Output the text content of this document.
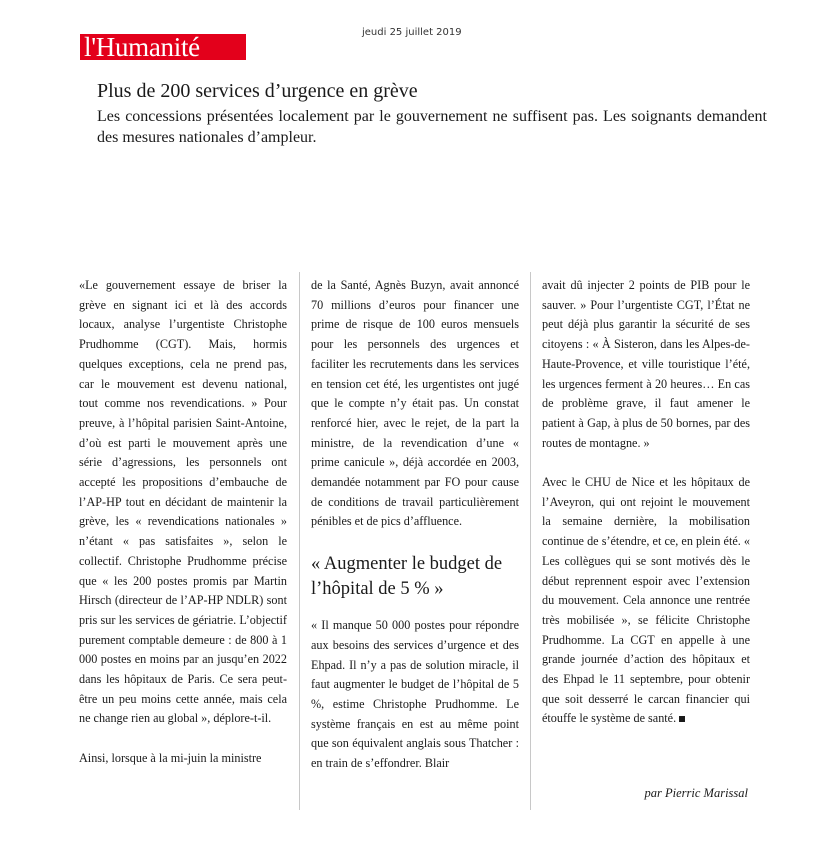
l'Humanité	jeudi 25 juillet 2019
Plus de 200 services d’urgence en grève

Les concessions présentées localement par le gouvernement ne suffisent pas. Les soignants demandent des mesures nationales d’ampleur.

«Le gouvernement essaye de briser la grève en signant ici et là des accords locaux, analyse l’urgentiste Christophe Prudhomme (CGT). Mais, hormis quelques exceptions, cela ne prend pas, car le mouvement est devenu national, tout comme nos revendications. » Pour preuve, à l’hôpital parisien Saint-Antoine, d’où est parti le mouvement après une série d’agressions, les personnels ont accepté les propositions d’embauche de l’AP-HP tout en décidant de maintenir la grève, les « revendications nationales » n’étant « pas satisfaites », selon le collectif. Christophe Prudhomme précise que « les 200 postes promis par Martin Hirsch (directeur de l’AP-HP NDLR) sont pris sur les services de gériatrie. L’objectif purement comptable demeure : de 800 à 1 000 postes en moins par an jusqu’en 2022 dans les hôpitaux de Paris. Ce sera peut-être un peu moins cette année, mais cela ne change rien au global », déplore-t-il.

Ainsi, lorsque à la mi-juin la ministre

de la Santé, Agnès Buzyn, avait annoncé 70 millions d’euros pour financer une prime de risque de 100 euros mensuels pour les personnels des urgences et faciliter les recrutements dans les services en tension cet été, les urgentistes ont jugé que le compte n’y était pas. Un constat renforcé hier, avec le rejet, de la part la ministre, de la revendication d’une « prime canicule », déjà accordée en 2003, demandée notamment par FO pour cause de conditions de travail particulièrement pénibles et de pics d’affluence.

« Augmenter le budget de l’hôpital de 5 % »

« Il manque 50 000 postes pour répondre aux besoins des services d’urgence et des Ehpad. Il n’y a pas de solution miracle, il faut augmenter le budget de l’hôpital de 5 %, estime Christophe Prudhomme. Le système français en est au même point que son équivalent anglais sous Thatcher : en train de s’effondrer. Blair

avait dû injecter 2 points de PIB pour le sauver. » Pour l’urgentiste CGT, l’État ne peut déjà plus garantir la sécurité de ses citoyens : « À Sisteron, dans les Alpes-de-Haute-Provence, et ville touristique l’été, les urgences ferment à 20 heures… En cas de problème grave, il faut amener le patient à Gap, à plus de 50 bornes, par des routes de montagne. »

Avec le CHU de Nice et les hôpitaux de l’Aveyron, qui ont rejoint le mouvement la semaine dernière, la mobilisation continue de s’étendre, et ce, en plein été. « Les collègues qui se sont motivés dès le début reprennent espoir avec l’extension du mouvement. Cela annonce une rentrée très mobilisée », se félicite Christophe Prudhomme. La CGT en appelle à une grande journée d’action des hôpitaux et des Ehpad le 11 septembre, pour obtenir que soit desserré le carcan financier qui étouffe le système de santé.

par Pierric Marissal
